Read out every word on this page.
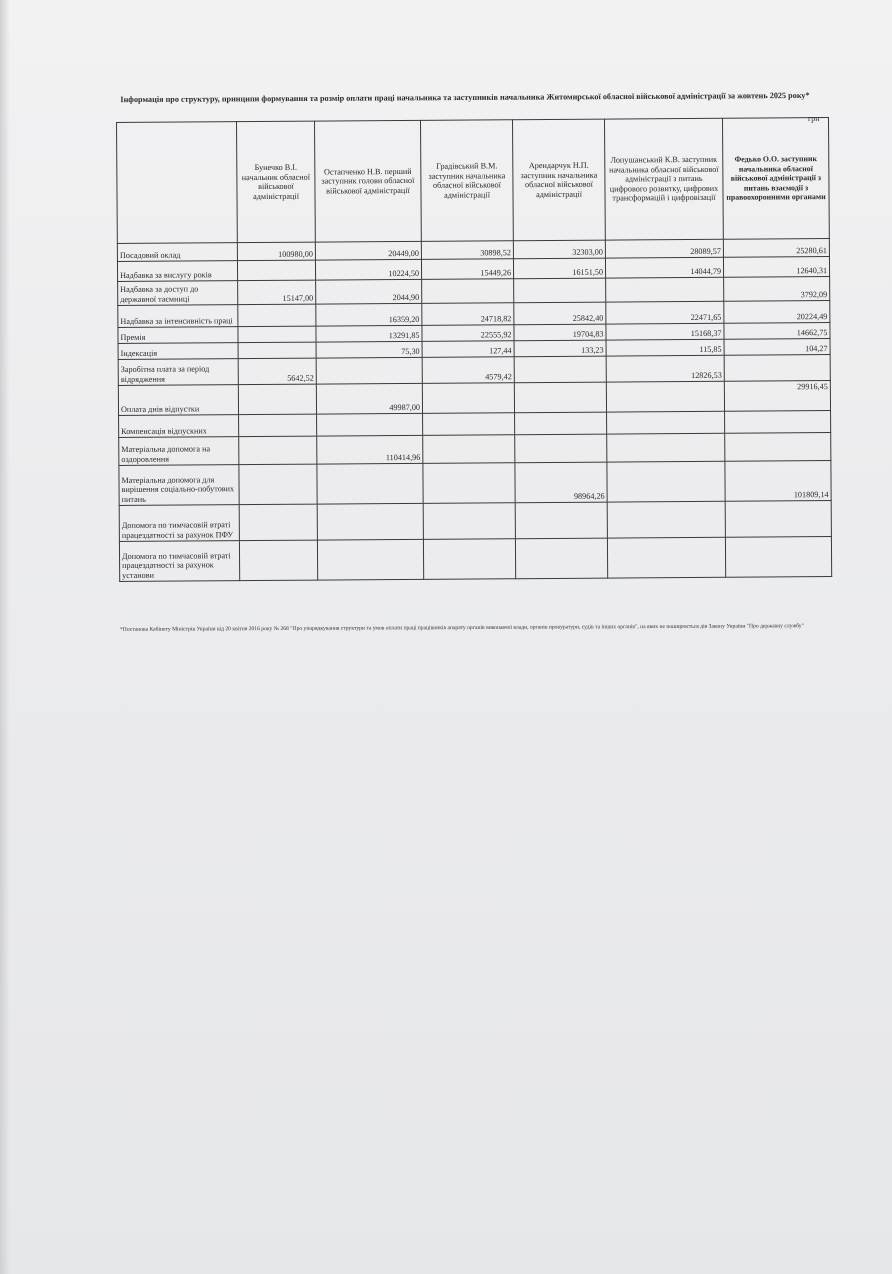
Інформація про структуру, принципи формування та розмір оплати праці начальника та заступників начальника Житомирської обласної військової адміністрації за жовтень 2025 року*

грн
	Бунечко В.І. начальник обласної військової адміністрації	Остапченко Н.В. перший заступник голови обласної військової адміністрації	Градівський В.М. заступник начальника обласної військової адміністрації	Арендарчук Н.П. заступник начальника обласної військової адміністрації	Лопушанський К.В. заступник начальника обласної військової адміністрації з питань цифрового розвитку, цифрових трансформацій і цифровізації	Федько О.О. заступник начальника обласної військової адміністрації з питань взаємодії з правоохоронними органами
Посадовий оклад	100980,00	20449,00	30898,52	32303,00	28089,57	25280,61
Надбавка за вислугу років		10224,50	15449,26	16151,50	14044,79	12640,31
Надбавка за доступ до державної таємниці	15147,00	2044,90				3792,09
Надбавка за інтенсивність праці		16359,20	24718,82	25842,40	22471,65	20224,49
Премія		13291,85	22555,92	19704,83	15168,37	14662,75
Індексація		75,30	127,44	133,23	115,85	104,27
Заробітна плата за період відрядження	5642,52		4579,42		12826,53	
Оплата днів відпустки		49987,00				29916,45
Компенсація відпускних						
Матеріальна допомога на оздоровлення		110414,96				
Матеріальна допомога для вирішення соціально-побутових питань				98964,26		101809,14
Допомога по тимчасовій втраті працездатності за рахунок ПФУ						
Допомога по тимчасовій втраті працездатності за рахунок установи						

*Постанова Кабінету Міністрів України від 20 квітня 2016 року № 268 "Про упорядкування структури та умов оплати праці працівників апарату органів виконавчої влади, органів прокуратури, судів та інших органів", на яких не поширюється дія Закону України "Про державну службу"
